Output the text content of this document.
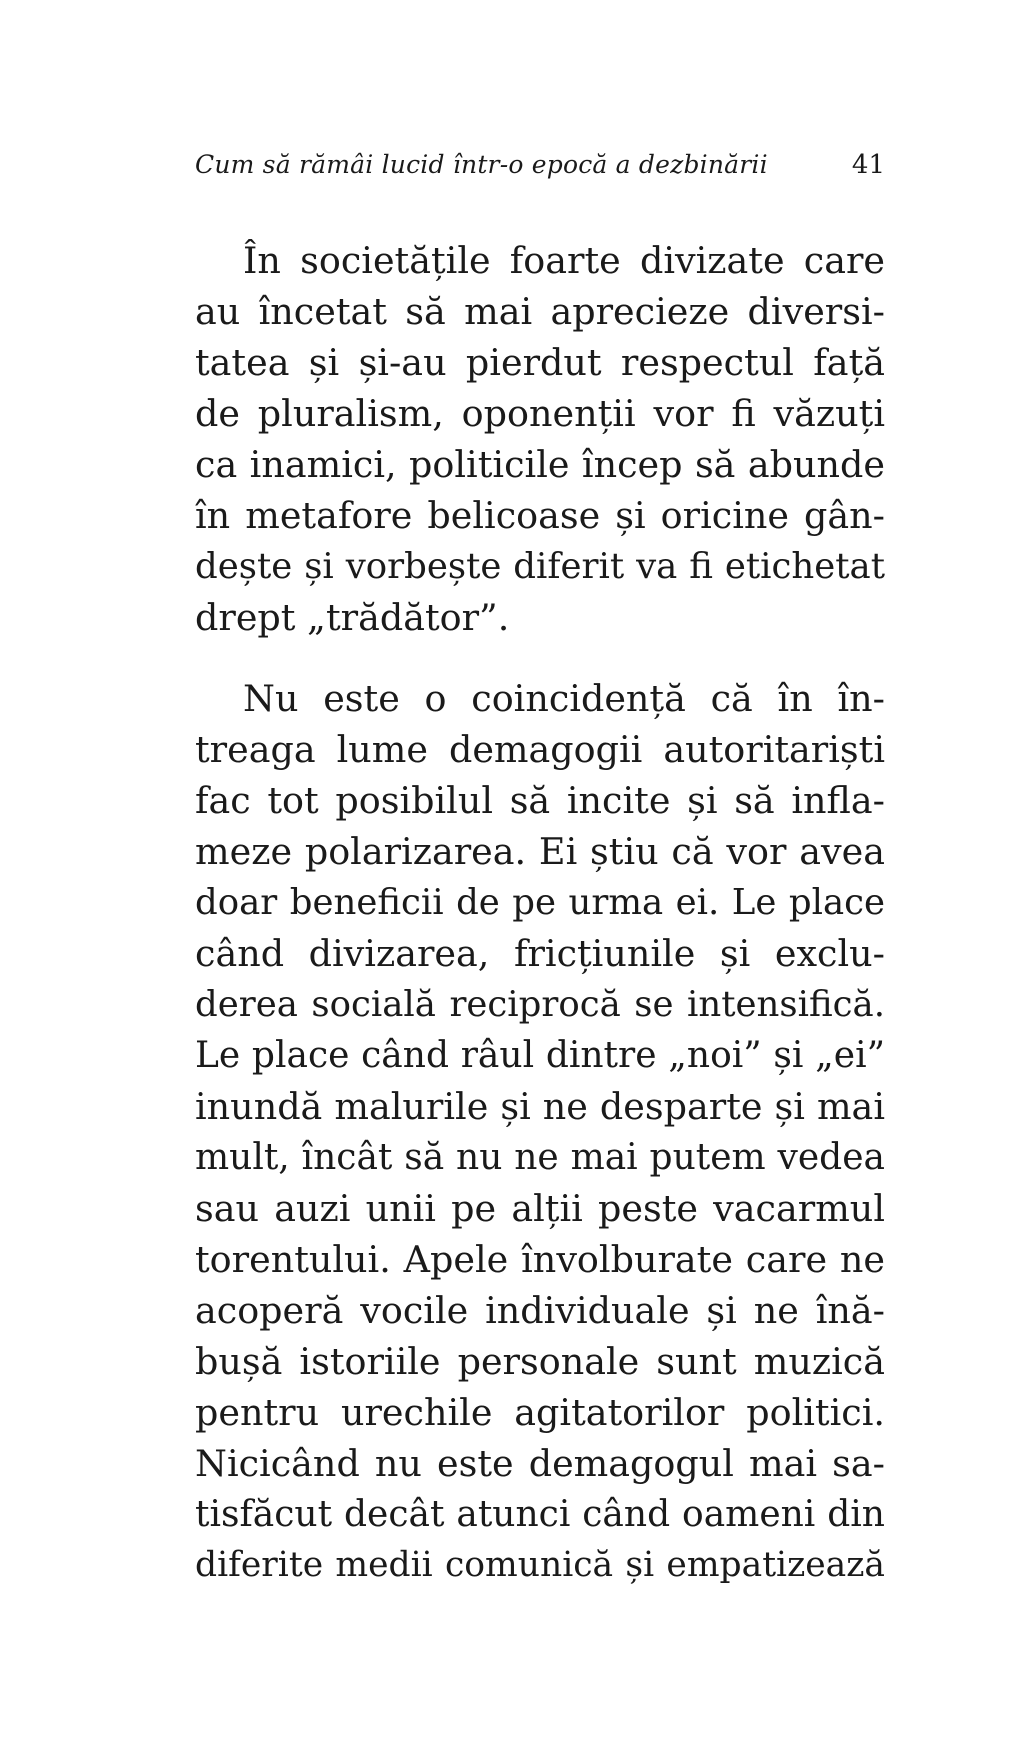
Cum să rămâi lucid într-o epocă a dezbinării	41
În societățile foarte divizate care
au încetat să mai aprecieze diversi-
tatea și și-au pierdut respectul față
de pluralism, oponenții vor fi văzuți
ca inamici, politicile încep să abunde
în metafore belicoase și oricine gân-
dește și vorbește diferit va fi etichetat
drept „trădător”.
Nu este o coincidență că în în-
treaga lume demagogii autoritariști
fac tot posibilul să incite și să infla-
meze polarizarea. Ei știu că vor avea
doar beneficii de pe urma ei. Le place
când divizarea, fricțiunile și exclu-
derea socială reciprocă se intensifică.
Le place când râul dintre „noi” și „ei”
inundă malurile și ne desparte și mai
mult, încât să nu ne mai putem vedea
sau auzi unii pe alții peste vacarmul
torentului. Apele învolburate care ne
acoperă vocile individuale și ne înă-
bușă istoriile personale sunt muzică
pentru urechile agitatorilor politici.
Nicicând nu este demagogul mai sa-
tisfăcut decât atunci când oameni din
diferite medii comunică și empatizează
